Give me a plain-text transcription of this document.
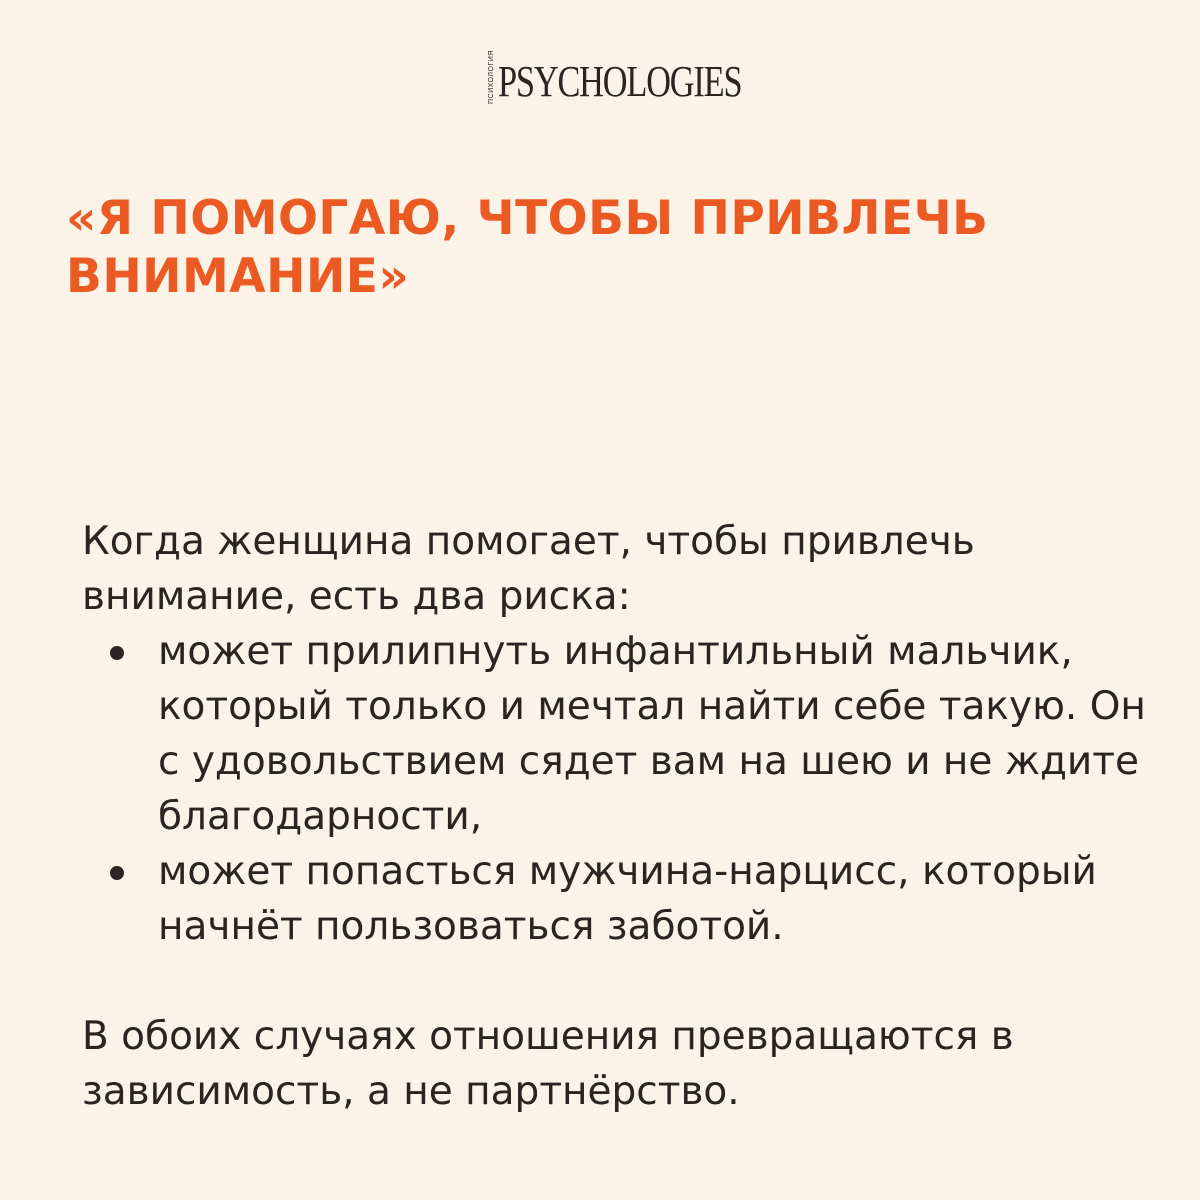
ПСИХОЛОГИЯ PSYCHOLOGIES
«Я ПОМОГАЮ, ЧТОБЫ ПРИВЛЕЧЬ ВНИМАНИЕ»

Когда женщина помогает, чтобы привлечь внимание, есть два риска:

может прилипнуть инфантильный мальчик, который только и мечтал найти себе такую. Он с удовольствием сядет вам на шею и не ждите благодарности,
может попасться мужчина-нарцисс, который начнёт пользоваться заботой.

В обоих случаях отношения превращаются в зависимость, а не партнёрство.
